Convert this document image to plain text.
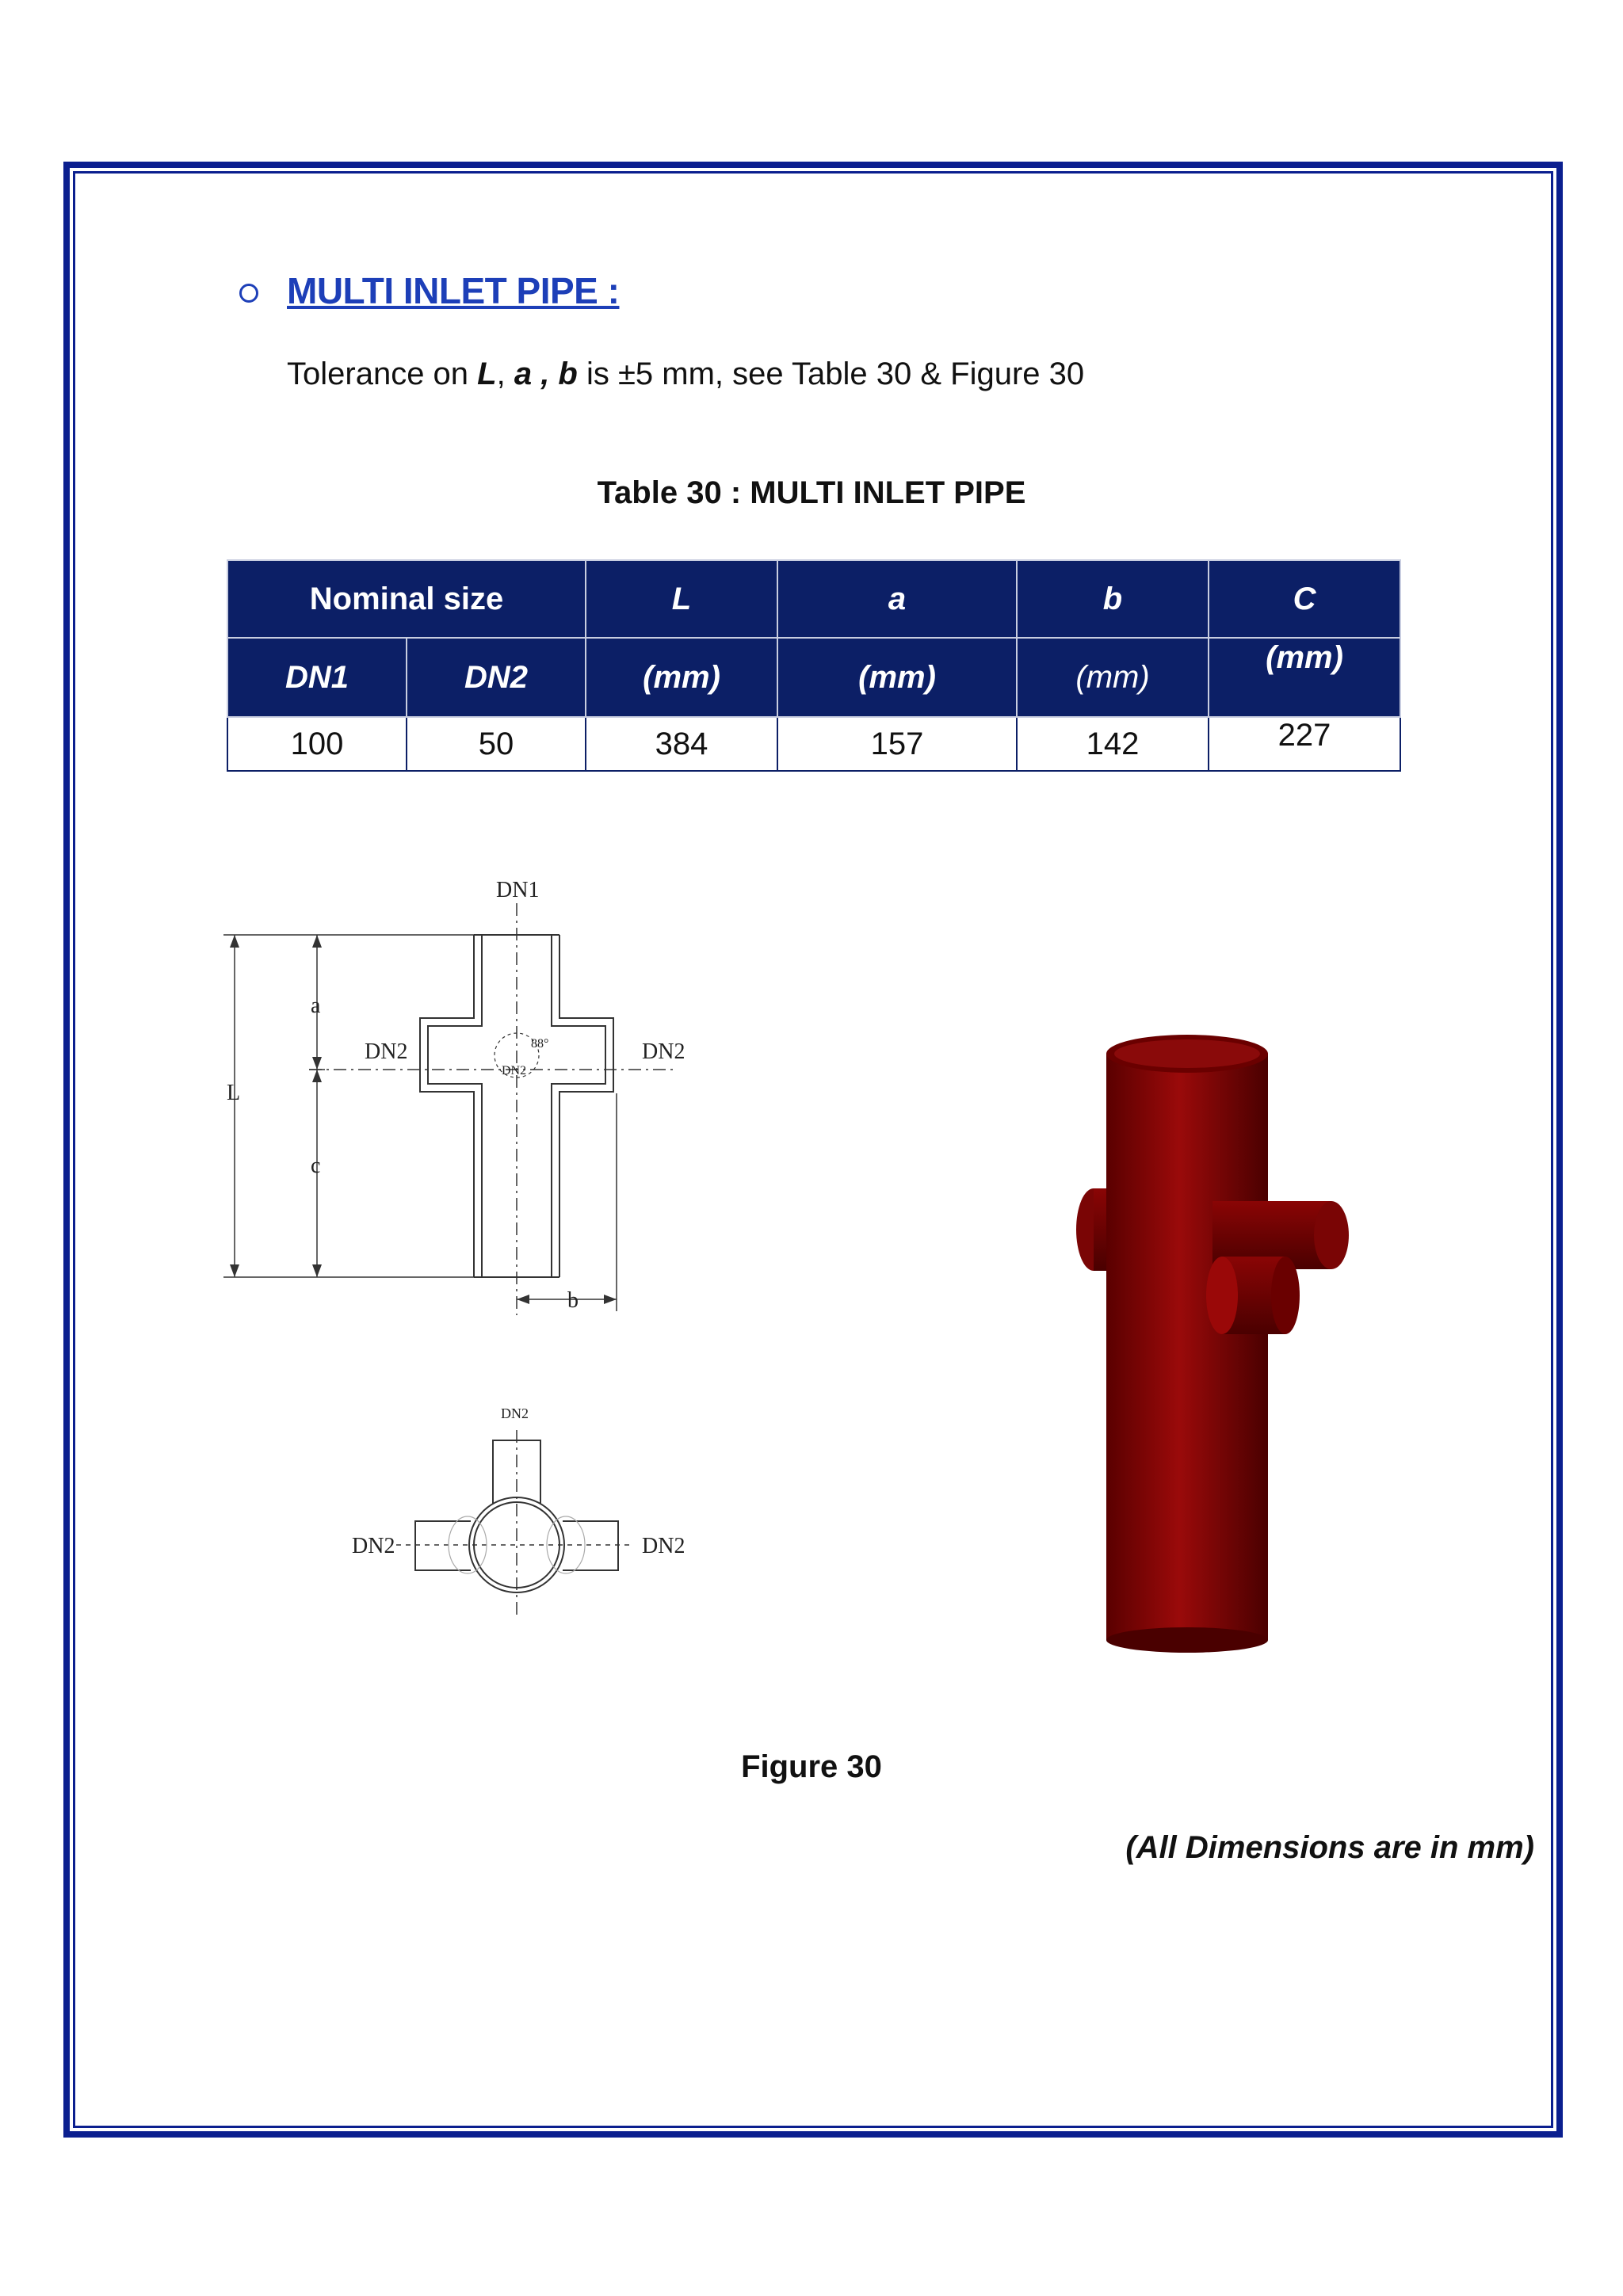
MULTI INLET PIPE :
Tolerance on L, a , b is ±5 mm, see Table 30 & Figure 30
Table 30 : MULTI INLET PIPE
Nominal size		L	a	b	C
DN1	DN2	(mm)	(mm)	(mm)	(mm)
100	50	384	157	142	227
DN1
DN2	DN2
DN2
88°
a
c
L
b
DN2
DN2	DN2
Figure 30
(All Dimensions are in mm)
